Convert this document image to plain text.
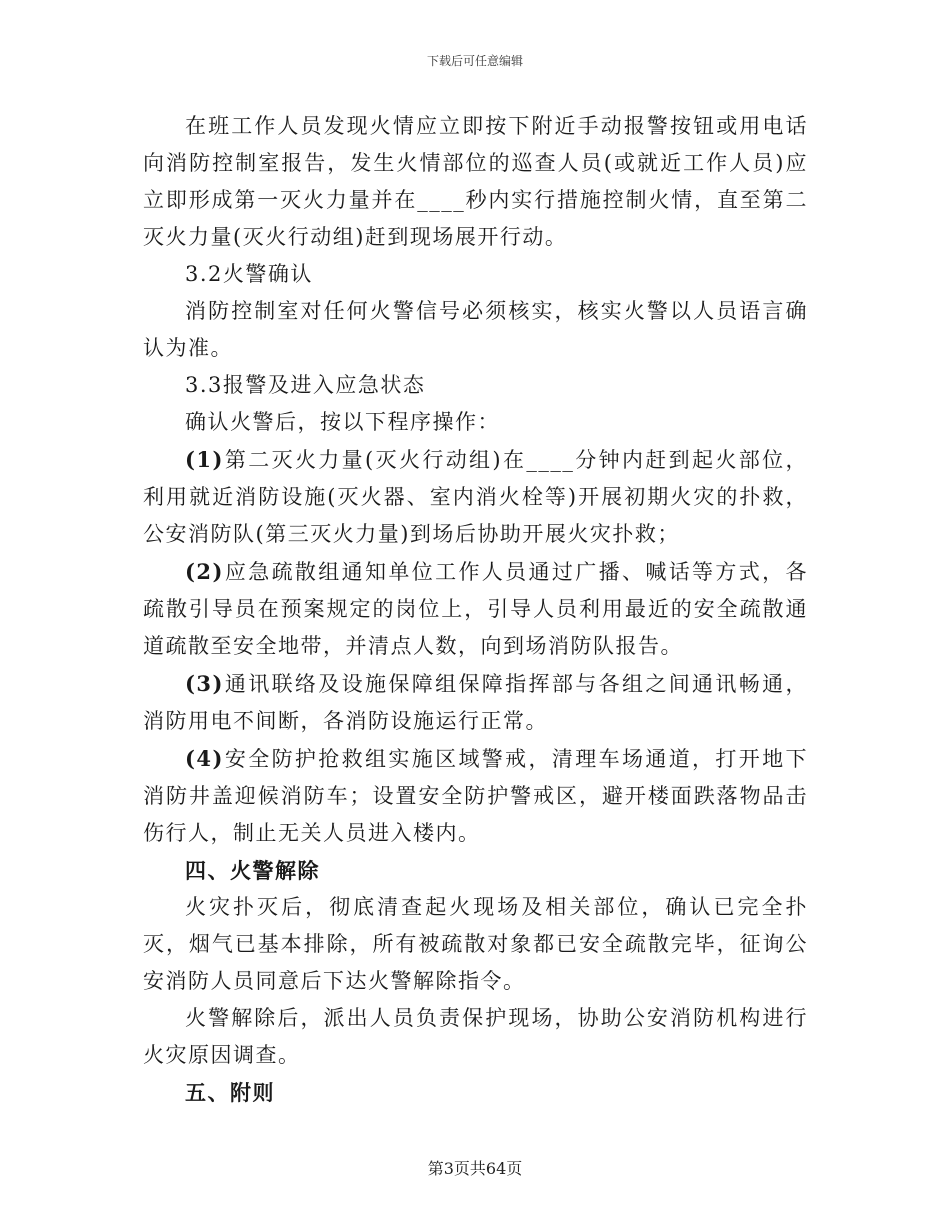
下载后可任意编辑

在班工作人员发现火情应立即按下附近手动报警按钮或用电话向消防控制室报告，发生火情部位的巡查人员(或就近工作人员)应立即形成第一灭火力量并在____秒内实行措施控制火情，直至第二灭火力量(灭火行动组)赶到现场展开行动。

3.2火警确认

消防控制室对任何火警信号必须核实，核实火警以人员语言确认为准。

3.3报警及进入应急状态

确认火警后，按以下程序操作：

(1)第二灭火力量(灭火行动组)在____分钟内赶到起火部位，利用就近消防设施(灭火器、室内消火栓等)开展初期火灾的扑救，公安消防队(第三灭火力量)到场后协助开展火灾扑救；

(2)应急疏散组通知单位工作人员通过广播、喊话等方式，各疏散引导员在预案规定的岗位上，引导人员利用最近的安全疏散通道疏散至安全地带，并清点人数，向到场消防队报告。

(3)通讯联络及设施保障组保障指挥部与各组之间通讯畅通，消防用电不间断，各消防设施运行正常。

(4)安全防护抢救组实施区域警戒，清理车场通道，打开地下消防井盖迎候消防车；设置安全防护警戒区，避开楼面跌落物品击伤行人，制止无关人员进入楼内。

四、火警解除

火灾扑灭后，彻底清查起火现场及相关部位，确认已完全扑灭，烟气已基本排除，所有被疏散对象都已安全疏散完毕，征询公安消防人员同意后下达火警解除指令。

火警解除后，派出人员负责保护现场，协助公安消防机构进行火灾原因调查。

五、附则

第3页共64页
